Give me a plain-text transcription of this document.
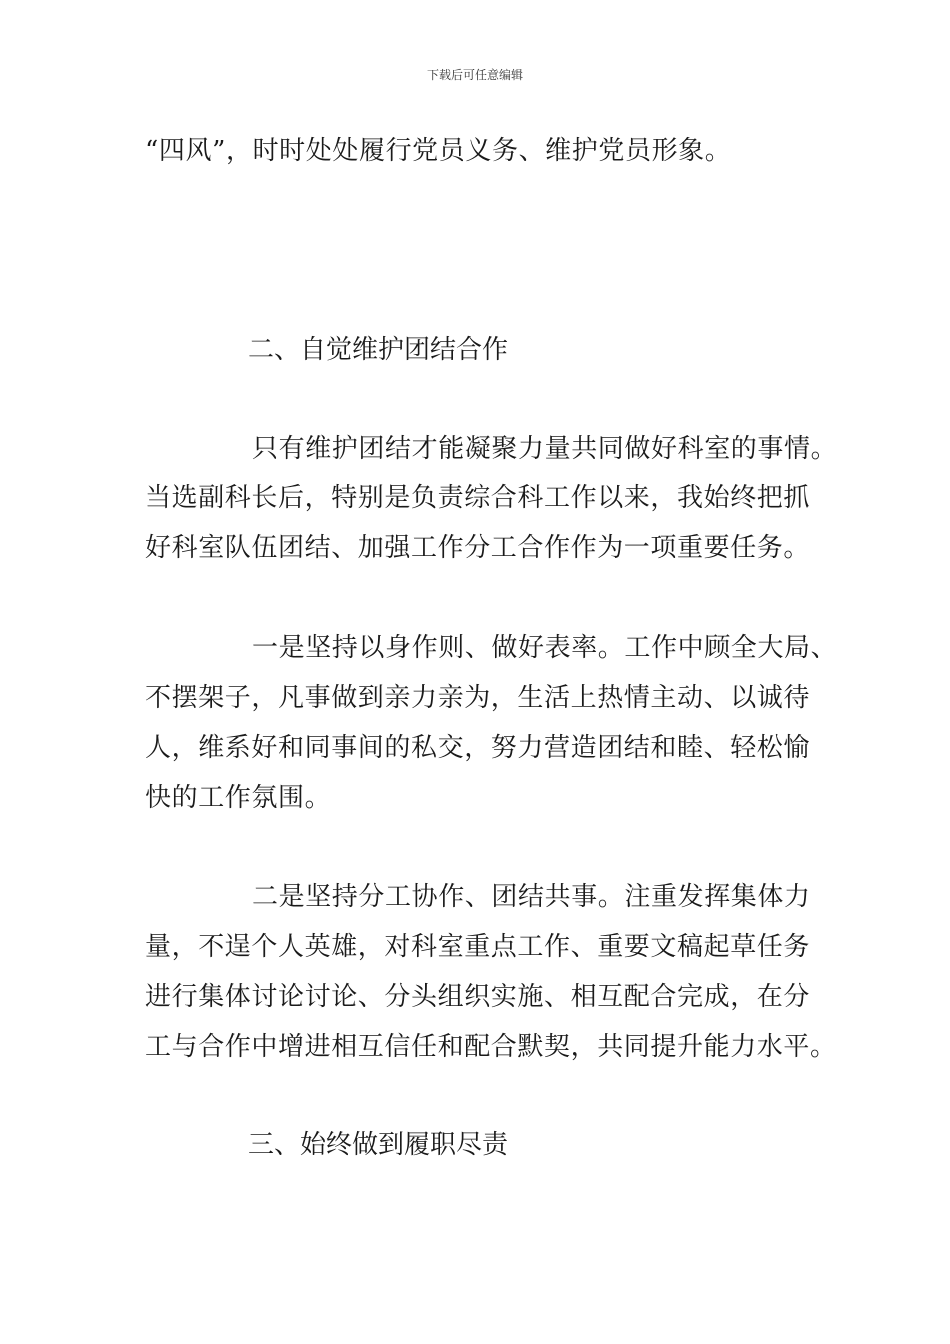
下载后可任意编辑
“四风”，时时处处履行党员义务、维护党员形象。
二、自觉维护团结合作
只有维护团结才能凝聚力量共同做好科室的事情。
当选副科长后，特别是负责综合科工作以来，我始终把抓
好科室队伍团结、加强工作分工合作作为一项重要任务。
一是坚持以身作则、做好表率。工作中顾全大局、
不摆架子，凡事做到亲力亲为，生活上热情主动、以诚待
人，维系好和同事间的私交，努力营造团结和睦、轻松愉
快的工作氛围。
二是坚持分工协作、团结共事。注重发挥集体力
量，不逞个人英雄，对科室重点工作、重要文稿起草任务
进行集体讨论讨论、分头组织实施、相互配合完成，在分
工与合作中增进相互信任和配合默契，共同提升能力水平。
三、始终做到履职尽责
